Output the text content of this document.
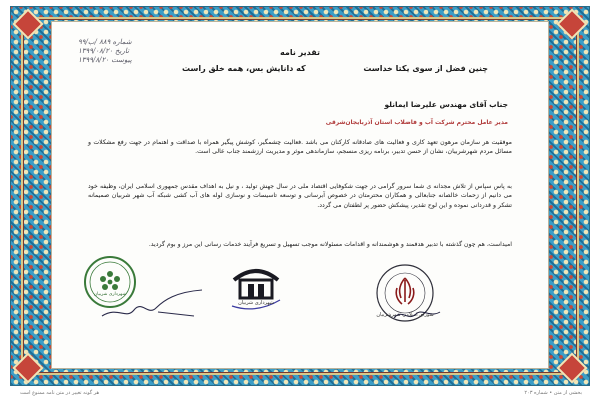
شماره ۸۸۹ /ب/۹۹
تاریخ ۱۳۹۹/۰۸/۲۰
پیوست ۱۳۹۹/۸/۲۰
تقدیر نامه
چنین فضل از سوی یکتا خداست
که دانایش بس، همه خلق راست
جناب آقای مهندس علیرضا ایمانلو
مدیر عامل محترم شرکت آب و فاضلاب استان آذربایجان‌شرقی
موفقیت هر سازمان مرهون تعهد کاری و فعالیت های صادقانه کارکنان می باشد .فعالیت چشمگیر، کوشش پیگیر همراه با صداقت و اهتمام در جهت رفع مشکلات و مسائل مردم شهرشربیان، نشان از حسن تدبیر، برنامه ریزی منسجم، سازماندهی موثر و مدیریت ارزشمند جناب عالی است.
به پاس سپاس از تلاش مجدانه ی شما سرور گرامی در جهت شکوفایی اقتصاد ملی در سال جهش تولید ، و نیل به اهداف مقدس جمهوری اسلامی ایران، وظیفه خود می دانیم از زحمات خالصانه جنابعالی و همکاران محترمتان در خصوص آبرسانی و توسعه تاسیسات و نوسازی لوله های آب کشی شبکه آب شهر شربیان صمیمانه تشکر و قدردانی نموده و این لوح تقدیر، پیشکش حضور پر لطفتان می گردد.
امیداست، هم چون گذشته با تدبیر هدفمند و هوشمندانه و اقدامات مسئولانه موجب تسهیل و تسریع فرآیند خدمات رسانی این مرز و بوم گردید.
شورای اسلامی شهرشربیان
شهرداری شربیان
شهرداری شربیان
هر گونه تغییر در متن نامه ممنوع است	بخشی از متن • شماره ۲۰۳
